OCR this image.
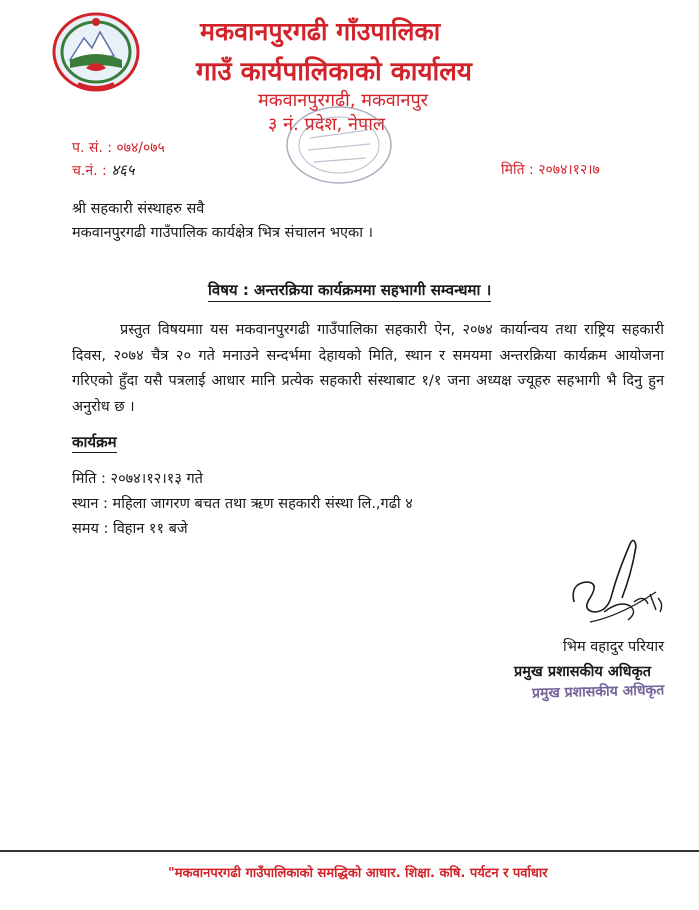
मकवानपुरगढी गाँउपालिका
गाउँ कार्यपालिकाको कार्यालय
मकवानपुरगढी, मकवानपुर
३ नं. प्रदेश, नेपाल
प. सं. : ०७४/०७५
च.नं. : ४६५	मिति : २०७४।१२।७
श्री सहकारी संस्थाहरु सवै
मकवानपुरगढी गाउँपालिक कार्यक्षेत्र भित्र संचालन भएका ।
विषय : अन्तरक्रिया कार्यक्रममा सहभागी सम्वन्धमा ।

प्रस्तुत विषयमाा यस मकवानपुरगढी गाउँपालिका सहकारी ऐन, २०७४ कार्यान्वय तथा राष्ट्रिय सहकारी दिवस, २०७४ चैत्र २० गते मनाउने सन्दर्भमा देहायको मिति, स्थान र समयमा अन्तरक्रिया कार्यक्रम आयोजना गरिएको हुँदा यसै पत्रलाई आधार मानि प्रत्येक सहकारी संस्थाबाट १/१ जना अध्यक्ष ज्यूहरु सहभागी भै दिनु हुन अनुरोध छ ।

कार्यक्रम
मिति : २०७४।१२।१३ गते
स्थान : महिला जागरण बचत तथा ऋण सहकारी संस्था लि.,गढी ४
समय : विहान ११ बजे
भिम वहादुर परियार
प्रमुख प्रशासकीय अधिकृत
प्रमुख प्रशासकीय अधिकृत
"मकवानपरगढी गाउँपालिकाको समद्धिको आधार. शिक्षा. कषि. पर्यटन र पर्वाधार
